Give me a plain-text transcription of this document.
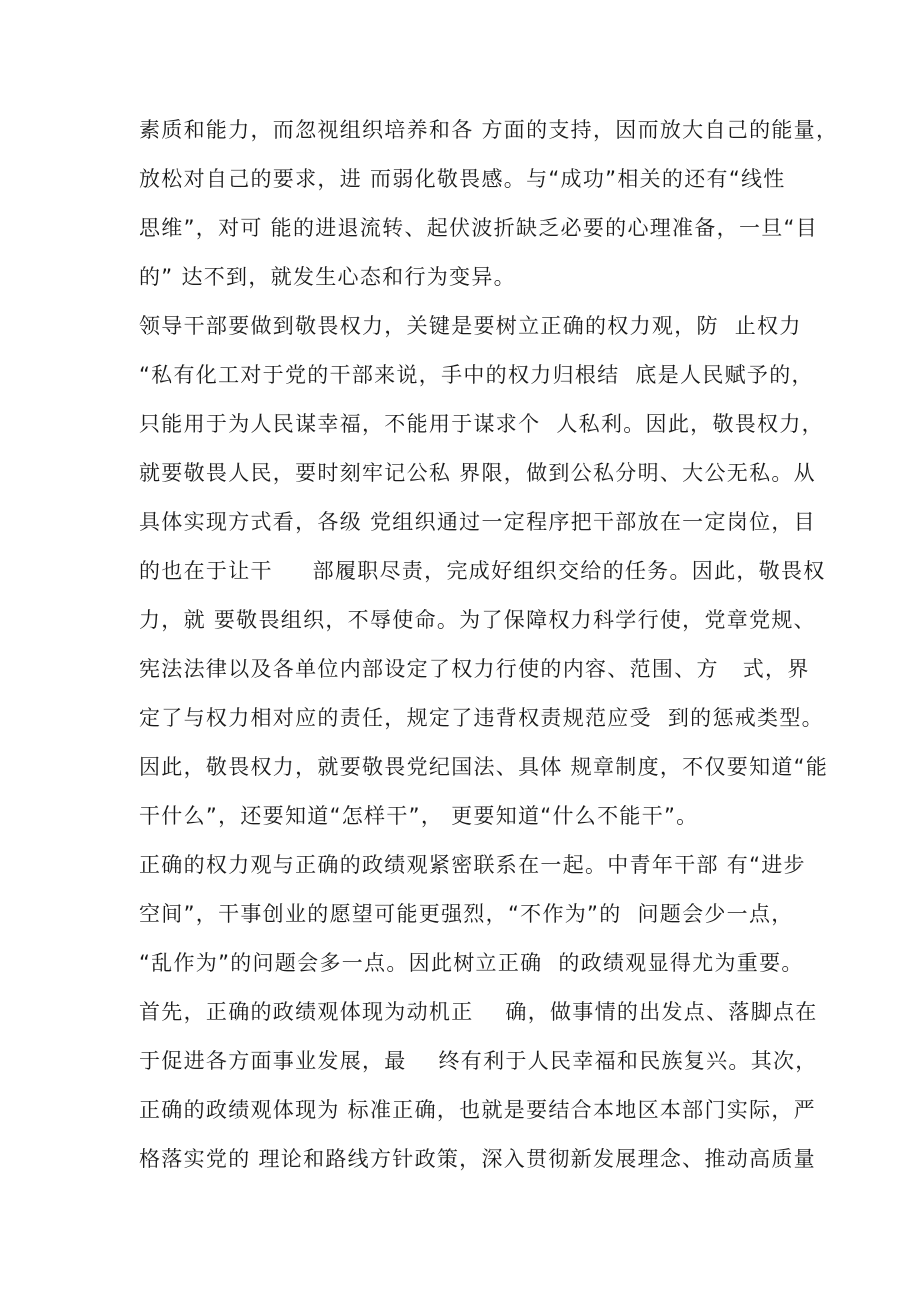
素质和能力，而忽视组织培养和各 方面的支持，因而放大自己的能量，
放松对自己的要求，进 而弱化敬畏感。与“成功”相关的还有“线性
思维”，对可 能的进退流转、起伏波折缺乏必要的心理准备，一旦“目
的” 达不到，就发生心态和行为变异。
领导干部要做到敬畏权力，关键是要树立正确的权力观，防  止权力
“私有化工对于党的干部来说，手中的权力归根结  底是人民赋予的，
只能用于为人民谋幸福，不能用于谋求个  人私利。因此，敬畏权力，
就要敬畏人民，要时刻牢记公私 界限，做到公私分明、大公无私。从
具体实现方式看，各级 党组织通过一定程序把干部放在一定岗位，目
的也在于让干     部履职尽责，完成好组织交给的任务。因此，敬畏权
力，就 要敬畏组织，不辱使命。为了保障权力科学行使，党章党规、
宪法法律以及各单位内部设定了权力行使的内容、范围、方   式，界
定了与权力相对应的责任，规定了违背权责规范应受  到的惩戒类型。
因此，敬畏权力，就要敬畏党纪国法、具体 规章制度，不仅要知道“能
干什么”，还要知道“怎样干”， 更要知道“什么不能干”。
正确的权力观与正确的政绩观紧密联系在一起。中青年干部 有“进步
空间”，干事创业的愿望可能更强烈，“不作为”的  问题会少一点，
“乱作为”的问题会多一点。因此树立正确  的政绩观显得尤为重要。
首先，正确的政绩观体现为动机正    确，做事情的出发点、落脚点在
于促进各方面事业发展，最    终有利于人民幸福和民族复兴。其次，
正确的政绩观体现为 标准正确，也就是要结合本地区本部门实际，严
格落实党的 理论和路线方针政策，深入贯彻新发展理念、推动高质量
